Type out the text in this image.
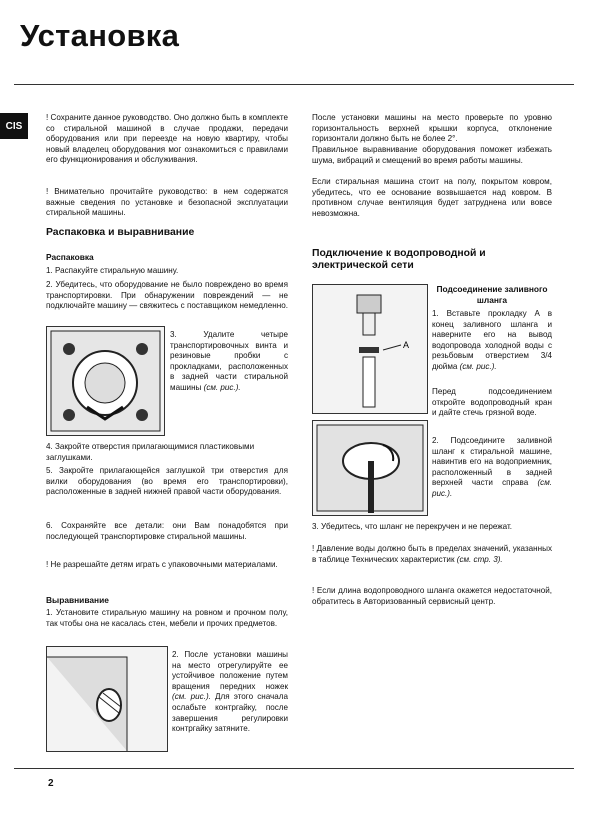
Установка
CIS

! Сохраните данное руководство. Оно должно быть в комплекте со стиральной машиной в случае продажи, передачи оборудования или при переезде на новую квартиру, чтобы новый владелец оборудования мог ознакомиться с правилами его функционирования и обслуживания.

! Внимательно прочитайте руководство: в нем содержатся важные сведения по установке и безопасной эксплуатации стиральной машины.

Распаковка и выравнивание
Распаковка

1. Распакуйте стиральную машину.

2. Убедитесь, что оборудование не было повреждено во время транспортировки. При обнаружении повреждений — не подключайте машину — свяжитесь с поставщиком немедленно.

3. Удалите четыре транспортировочных винта и резиновые пробки с прокладками, расположенных в задней части стиральной машины (см. рис.).

4. Закройте отверстия прилагающимися пластиковыми заглушками.

5. Закройте прилагающейся заглушкой три отверстия для вилки оборудования (во время его транспортировки), расположенные в задней нижней правой части оборудования.

6. Сохраняйте все детали: они Вам понадобятся при последующей транспортировке стиральной машины.

! Не разрешайте детям играть с упаковочными материалами.

Выравнивание

1. Установите стиральную машину на ровном и прочном полу, так чтобы она не касалась стен, мебели и прочих предметов.

2. После установки машины на место отрегулируйте ее устойчивое положение путем вращения передних ножек (см. рис.). Для этого сначала ослабьте контргайку, после завершения регулировки контргайку затяните.

После установки машины на место проверьте по уровню горизонтальность верхней крышки корпуса, отклонение горизонтали должно быть не более 2°.

Правильное выравнивание оборудования поможет избежать шума, вибраций и смещений во время работы машины.

Если стиральная машина стоит на полу, покрытом ковром, убедитесь, что ее основание возвышается над ковром. В противном случае вентиляция будет затруднена или вовсе невозможна.

Подключение к водопроводной и электрической сети
A
Подсоединение заливного шланга

1. Вставьте прокладку А в конец заливного шланга и наверните его на вывод водопровода холодной воды с резьбовым отверстием 3/4 дюйма (см. рис.).

Перед подсоединением откройте водопроводный кран и дайте стечь грязной воде.

2. Подсоедините заливной шланг к стиральной машине, навинтив его на водоприемник, расположенный в задней верхней части справа (см. рис.).

3. Убедитесь, что шланг не перекручен и не пережат.

! Давление воды должно быть в пределах значений, указанных в таблице Технических характеристик (см. стр. 3).

! Если длина водопроводного шланга окажется недостаточной, обратитесь в Авторизованный сервисный центр.

2
